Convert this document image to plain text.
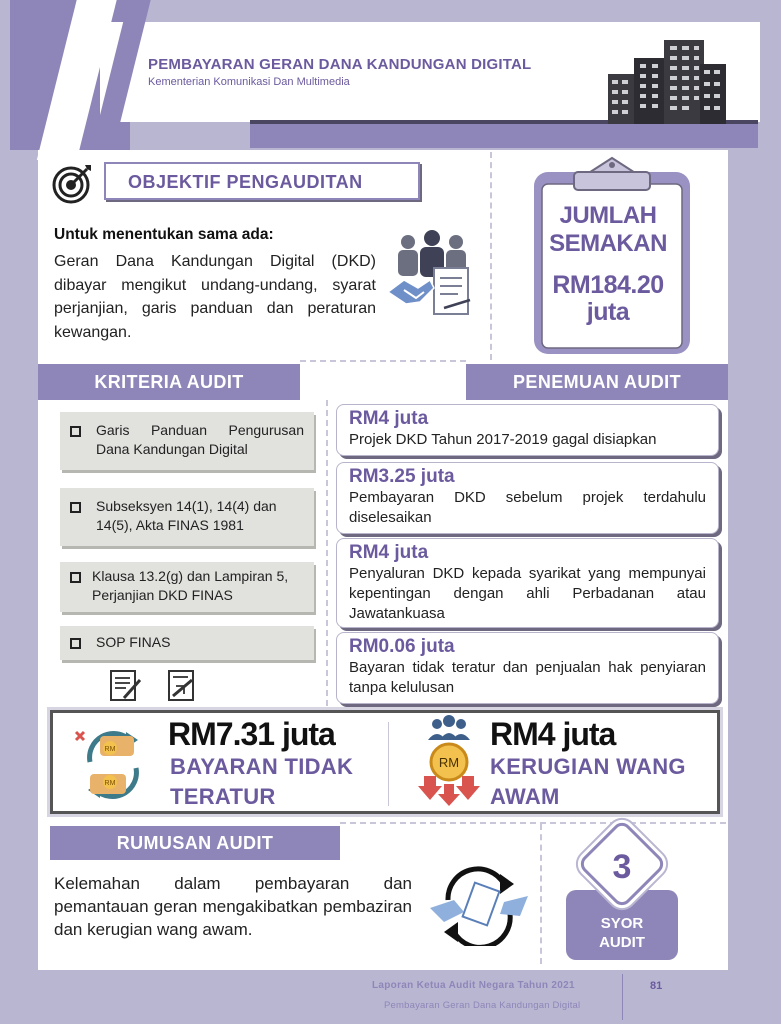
PEMBAYARAN GERAN DANA KANDUNGAN DIGITAL
Kementerian Komunikasi Dan Multimedia
OBJEKTIF PENGAUDITAN
Untuk menentukan sama ada:
Geran Dana Kandungan Digital (DKD) dibayar mengikut undang-undang, syarat perjanjian, garis panduan dan peraturan kewangan.
JUMLAH
SEMAKAN
RM184.20
juta
KRITERIA AUDIT	PENEMUAN AUDIT
Garis Panduan Pengurusan Dana Kandungan Digital
Subseksyen 14(1), 14(4) dan 14(5), Akta FINAS 1981
Klausa 13.2(g) dan Lampiran 5, Perjanjian DKD FINAS
SOP FINAS
RM4 juta
Projek DKD Tahun 2017-2019 gagal disiapkan
RM3.25 juta
Pembayaran DKD sebelum projek terdahulu diselesaikan
RM4 juta
Penyaluran DKD kepada syarikat yang mempunyai kepentingan dengan ahli Perbadanan atau Jawatankuasa
RM0.06 juta
Bayaran tidak teratur dan penjualan hak penyiaran tanpa kelulusan
RM
RM
RM7.31 juta
BAYARAN TIDAK
TERATUR
RM
RM4 juta
KERUGIAN WANG
AWAM
RUMUSAN AUDIT
Kelemahan dalam pembayaran dan pemantauan geran mengakibatkan pembaziran dan kerugian wang awam.
3
SYOR
AUDIT
Laporan Ketua Audit Negara Tahun 2021
Pembayaran Geran Dana Kandungan Digital
81
